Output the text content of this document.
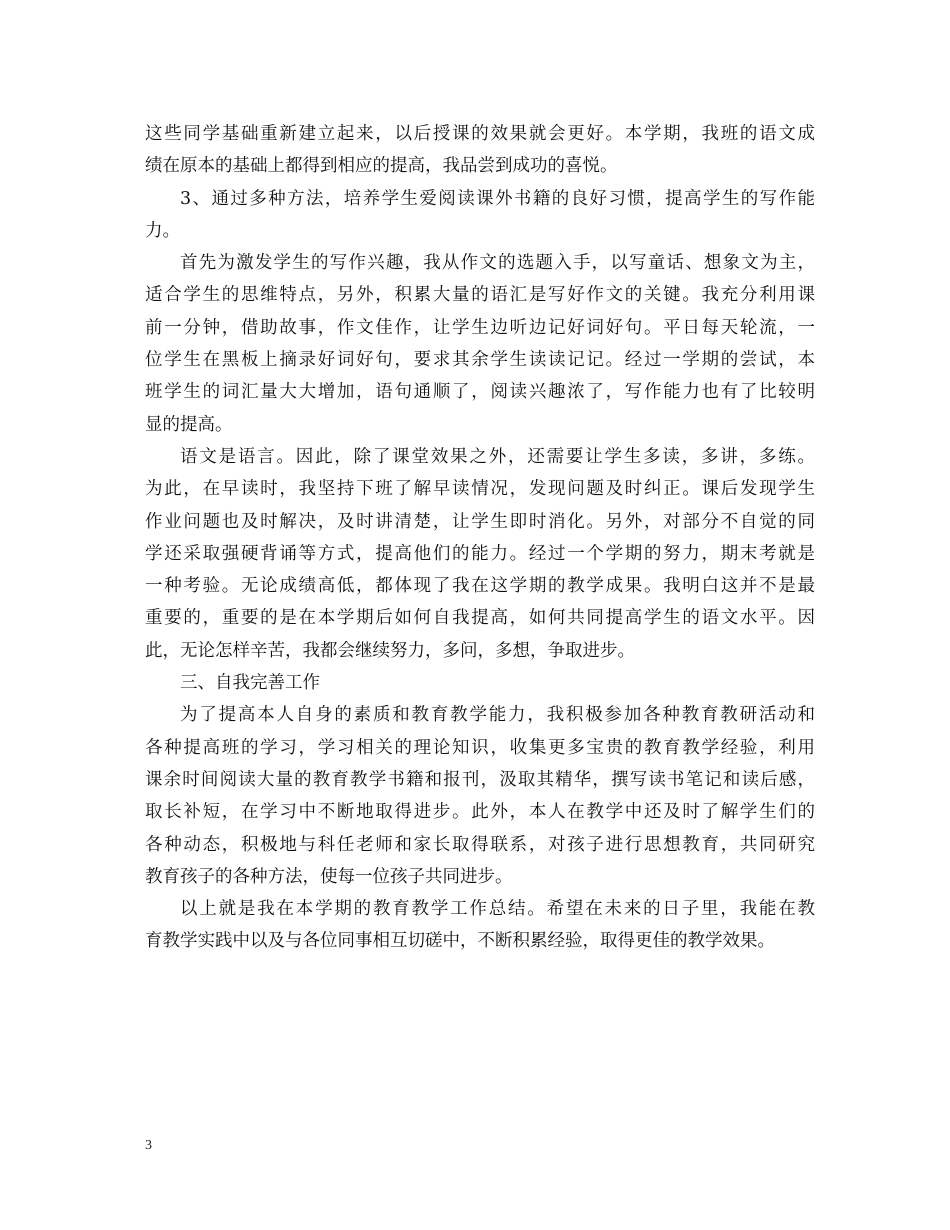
这些同学基础重新建立起来，以后授课的效果就会更好。本学期，我班的语文成
绩在原本的基础上都得到相应的提高，我品尝到成功的喜悦。
3、通过多种方法，培养学生爱阅读课外书籍的良好习惯，提高学生的写作能
力。
首先为激发学生的写作兴趣，我从作文的选题入手，以写童话、想象文为主，
适合学生的思维特点，另外，积累大量的语汇是写好作文的关键。我充分利用课
前一分钟，借助故事，作文佳作，让学生边听边记好词好句。平日每天轮流，一
位学生在黑板上摘录好词好句，要求其余学生读读记记。经过一学期的尝试，本
班学生的词汇量大大增加，语句通顺了，阅读兴趣浓了，写作能力也有了比较明
显的提高。
语文是语言。因此，除了课堂效果之外，还需要让学生多读，多讲，多练。
为此，在早读时，我坚持下班了解早读情况，发现问题及时纠正。课后发现学生
作业问题也及时解决，及时讲清楚，让学生即时消化。另外，对部分不自觉的同
学还采取强硬背诵等方式，提高他们的能力。经过一个学期的努力，期末考就是
一种考验。无论成绩高低，都体现了我在这学期的教学成果。我明白这并不是最
重要的，重要的是在本学期后如何自我提高，如何共同提高学生的语文水平。因
此，无论怎样辛苦，我都会继续努力，多问，多想，争取进步。
三、自我完善工作
为了提高本人自身的素质和教育教学能力，我积极参加各种教育教研活动和
各种提高班的学习，学习相关的理论知识，收集更多宝贵的教育教学经验，利用
课余时间阅读大量的教育教学书籍和报刊，汲取其精华，撰写读书笔记和读后感，
取长补短，在学习中不断地取得进步。此外，本人在教学中还及时了解学生们的
各种动态，积极地与科任老师和家长取得联系，对孩子进行思想教育，共同研究
教育孩子的各种方法，使每一位孩子共同进步。
以上就是我在本学期的教育教学工作总结。希望在未来的日子里，我能在教
育教学实践中以及与各位同事相互切磋中，不断积累经验，取得更佳的教学效果。
3
